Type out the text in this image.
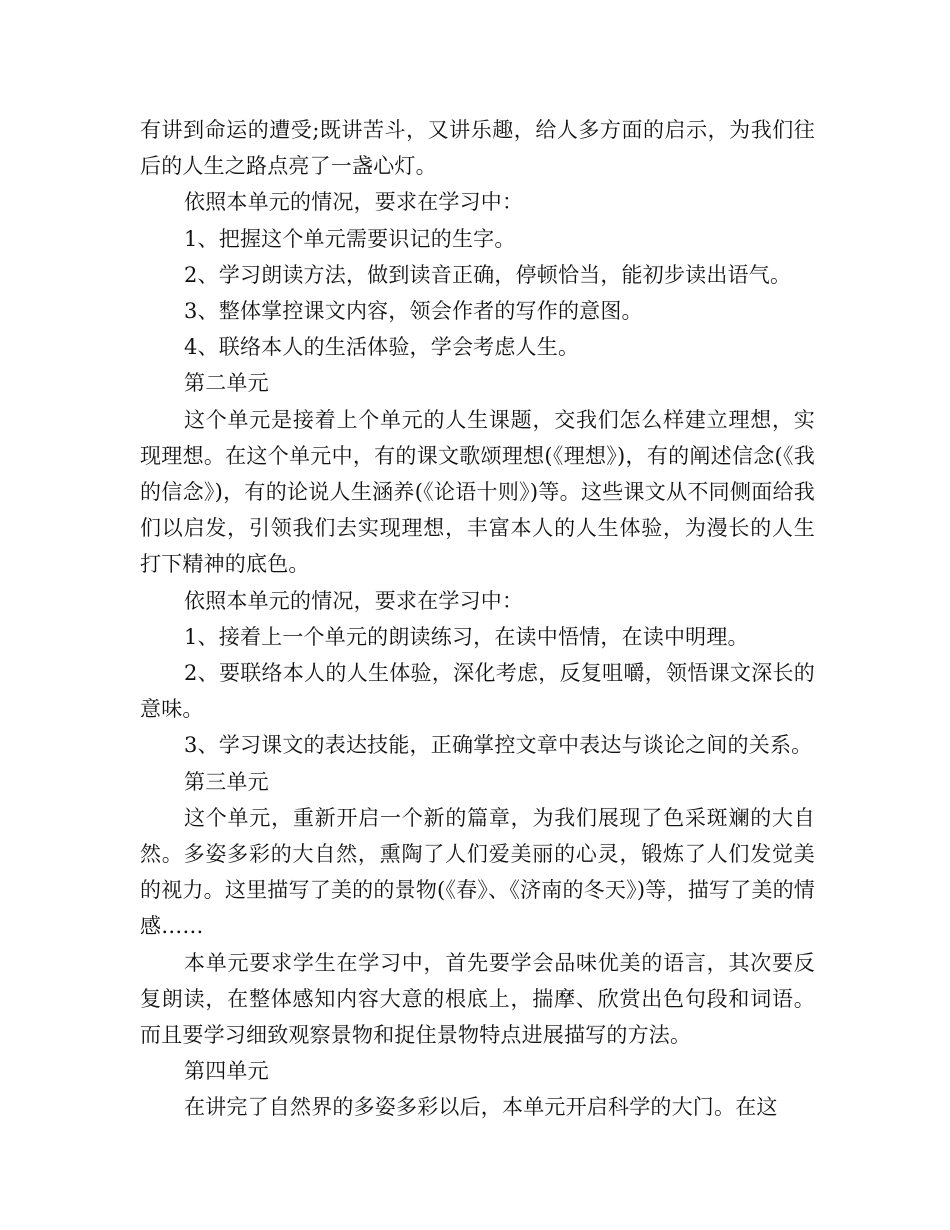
有讲到命运的遭受;既讲苦斗，又讲乐趣，给人多方面的启示，为我们往后的人生之路点亮了一盏心灯。

依照本单元的情况，要求在学习中：

1、把握这个单元需要识记的生字。

2、学习朗读方法，做到读音正确，停顿恰当，能初步读出语气。

3、整体掌控课文内容，领会作者的写作的意图。

4、联络本人的生活体验，学会考虑人生。

第二单元

这个单元是接着上个单元的人生课题，交我们怎么样建立理想，实现理想。在这个单元中，有的课文歌颂理想(《理想》)，有的阐述信念(《我的信念》)，有的论说人生涵养(《论语十则》)等。这些课文从不同侧面给我们以启发，引领我们去实现理想，丰富本人的人生体验，为漫长的人生打下精神的底色。

依照本单元的情况，要求在学习中：

1、接着上一个单元的朗读练习，在读中悟情，在读中明理。

2、要联络本人的人生体验，深化考虑，反复咀嚼，领悟课文深长的意味。

3、学习课文的表达技能，正确掌控文章中表达与谈论之间的关系。

第三单元

这个单元，重新开启一个新的篇章，为我们展现了色采斑斓的大自然。多姿多彩的大自然，熏陶了人们爱美丽的心灵，锻炼了人们发觉美的视力。这里描写了美的的景物(《春》、《济南的冬天》)等，描写了美的情感……

本单元要求学生在学习中，首先要学会品味优美的语言，其次要反复朗读，在整体感知内容大意的根底上，揣摩、欣赏出色句段和词语。而且要学习细致观察景物和捉住景物特点进展描写的方法。

第四单元

在讲完了自然界的多姿多彩以后，本单元开启科学的大门。在这
